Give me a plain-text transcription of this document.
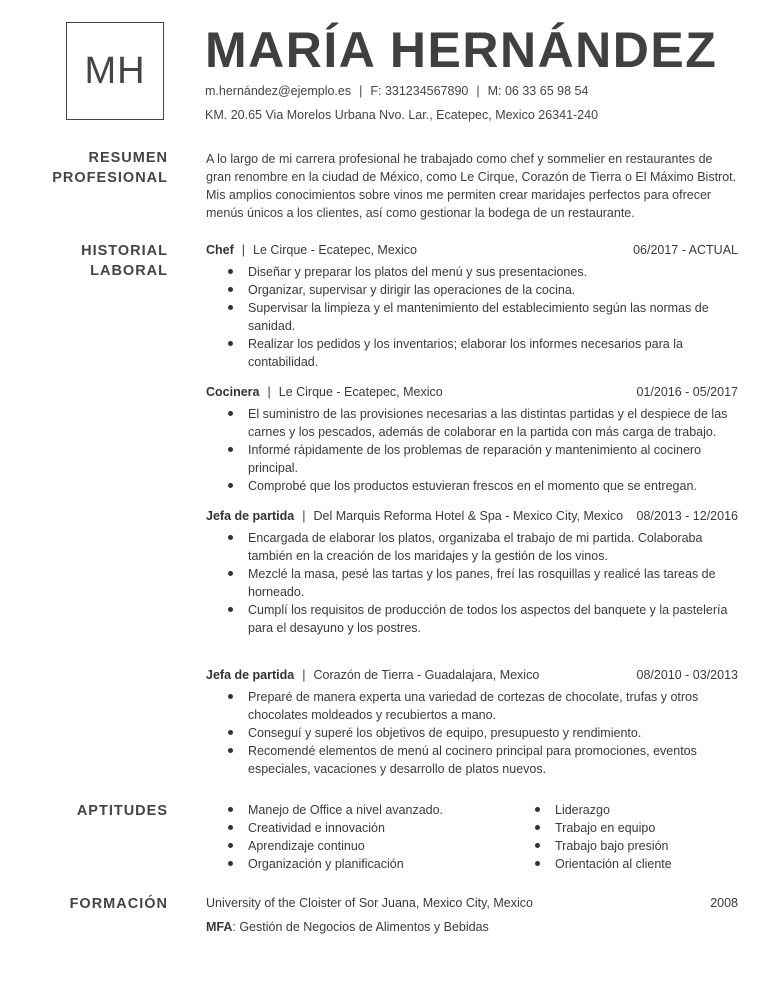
MH	MARÍA HERNÁNDEZ
m.hernández@ejemplo.es | F: 331234567890 | M: 06 33 65 98 54
KM. 20.65 Via Morelos Urbana Nvo. Lar., Ecatepec, Mexico 26341-240
RESUMEN
PROFESIONAL
A lo largo de mi carrera profesional he trabajado como chef y sommelier en restaurantes de gran renombre en la ciudad de México, como Le Cirque, Corazón de Tierra o El Máximo Bistrot. Mis amplios conocimientos sobre vinos me permiten crear maridajes perfectos para ofrecer menús únicos a los clientes, así como gestionar la bodega de un restaurante.
HISTORIAL
LABORAL
Chef | Le Cirque - Ecatepec, Mexico	06/2017 - ACTUAL
Diseñar y preparar los platos del menú y sus presentaciones.
Organizar, supervisar y dirigir las operaciones de la cocina.
Supervisar la limpieza y el mantenimiento del establecimiento según las normas de sanidad.
Realizar los pedidos y los inventarios; elaborar los informes necesarios para la contabilidad.
Cocinera | Le Cirque - Ecatepec, Mexico	01/2016 - 05/2017
El suministro de las provisiones necesarias a las distintas partidas y el despiece de las carnes y los pescados, además de colaborar en la partida con más carga de trabajo.
Informé rápidamente de los problemas de reparación y mantenimiento al cocinero principal.
Comprobé que los productos estuvieran frescos en el momento que se entregan.
Jefa de partida | Del Marquis Reforma Hotel & Spa - Mexico City, Mexico 08/2013 - 12/2016
Encargada de elaborar los platos, organizaba el trabajo de mi partida. Colaboraba también en la creación de los maridajes y la gestión de los vinos.
Mezclé la masa, pesé las tartas y los panes, freí las rosquillas y realicé las tareas de horneado.
Cumplí los requisitos de producción de todos los aspectos del banquete y la pastelería para el desayuno y los postres.
Jefa de partida | Corazón de Tierra - Guadalajara, Mexico	08/2010 - 03/2013
Preparé de manera experta una variedad de cortezas de chocolate, trufas y otros chocolates moldeados y recubiertos a mano.
Conseguí y superé los objetivos de equipo, presupuesto y rendimiento.
Recomendé elementos de menú al cocinero principal para promociones, eventos especiales, vacaciones y desarrollo de platos nuevos.
APTITUDES	Manejo de Office a nivel avanzado.
Creatividad e innovación
Aprendizaje continuo
Organización y planificación
Liderazgo
Trabajo en equipo
Trabajo bajo presión
Orientación al cliente
FORMACIÓN	University of the Cloister of Sor Juana, Mexico City, Mexico	2008
MFA: Gestión de Negocios de Alimentos y Bebidas
